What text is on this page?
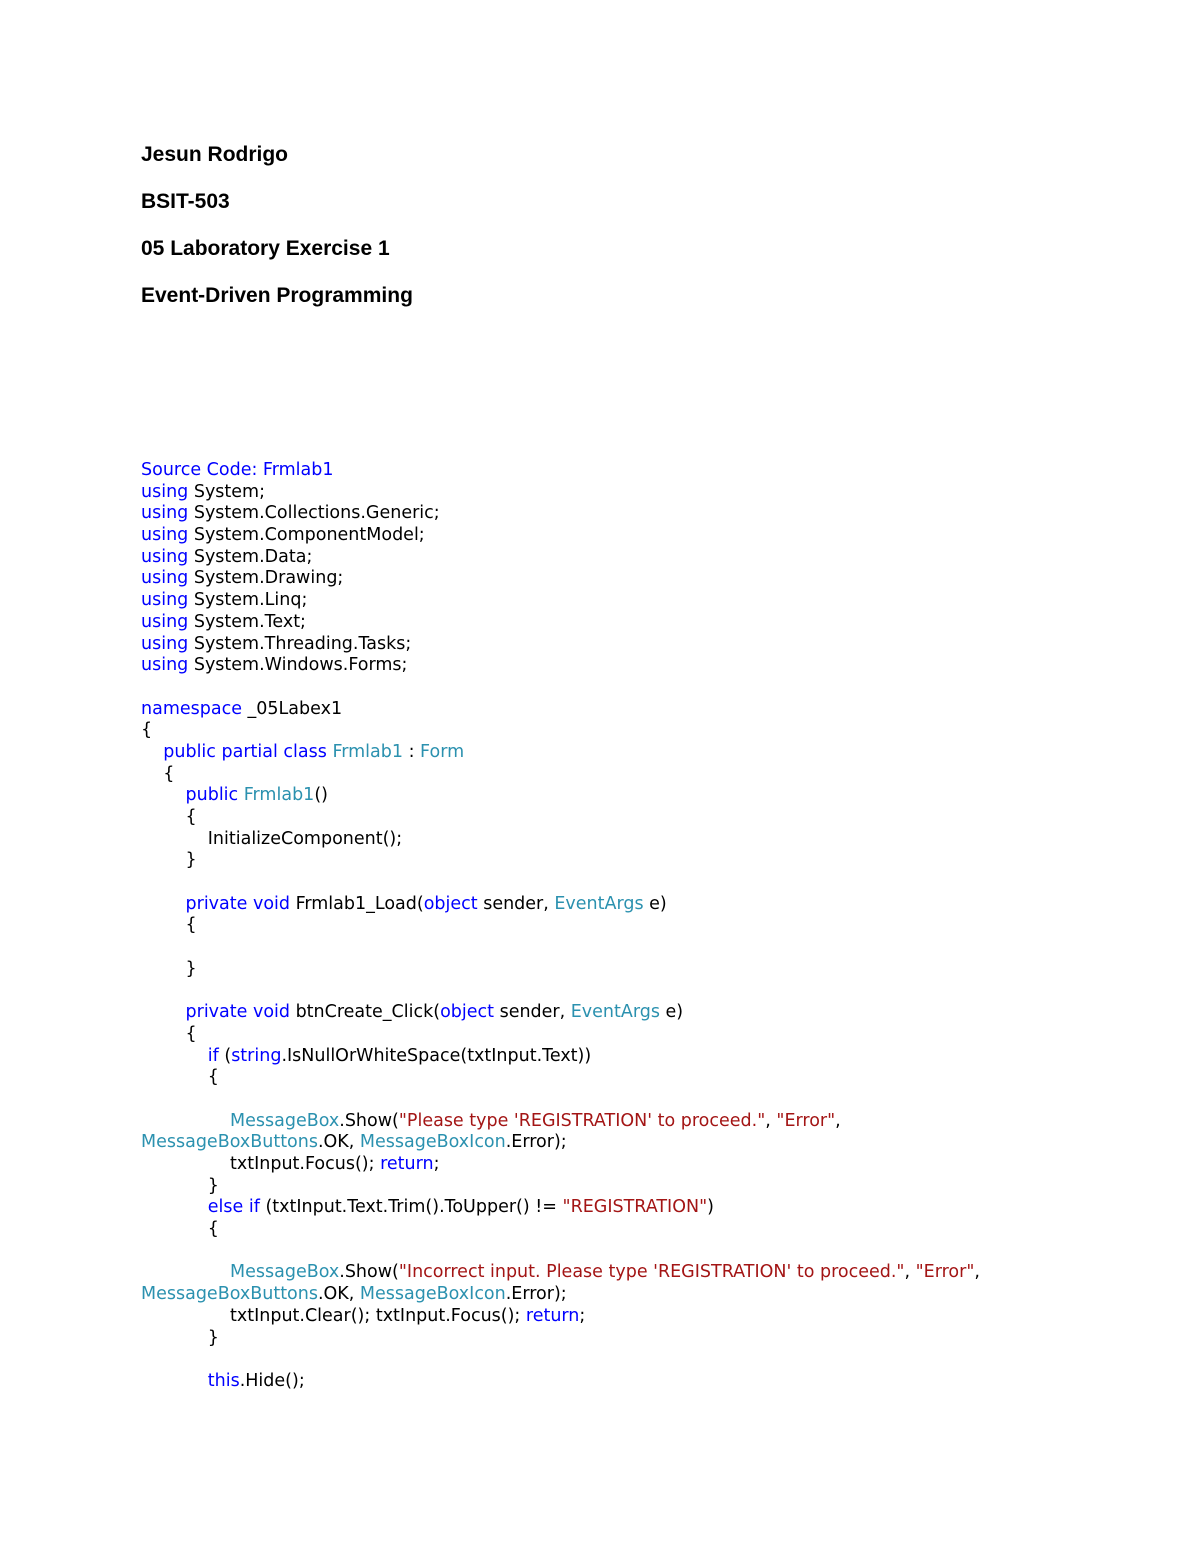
Jesun Rodrigo
BSIT-503
05 Laboratory Exercise 1
Event-Driven Programming
Source Code: Frmlab1
using System;
using System.Collections.Generic;
using System.ComponentModel;
using System.Data;
using System.Drawing;
using System.Linq;
using System.Text;
using System.Threading.Tasks;
using System.Windows.Forms;

namespace _05Labex1
{
public partial class Frmlab1 : Form
{
public Frmlab1()
{
InitializeComponent();
}

private void Frmlab1_Load(object sender, EventArgs e)
{

}

private void btnCreate_Click(object sender, EventArgs e)
{
if (string.IsNullOrWhiteSpace(txtInput.Text))
{

MessageBox.Show("Please type 'REGISTRATION' to proceed.", "Error",
MessageBoxButtons.OK, MessageBoxIcon.Error);
txtInput.Focus(); return;
}
else if (txtInput.Text.Trim().ToUpper() != "REGISTRATION")
{

MessageBox.Show("Incorrect input. Please type 'REGISTRATION' to proceed.", "Error",
MessageBoxButtons.OK, MessageBoxIcon.Error);
txtInput.Clear(); txtInput.Focus(); return;
}

this.Hide();
